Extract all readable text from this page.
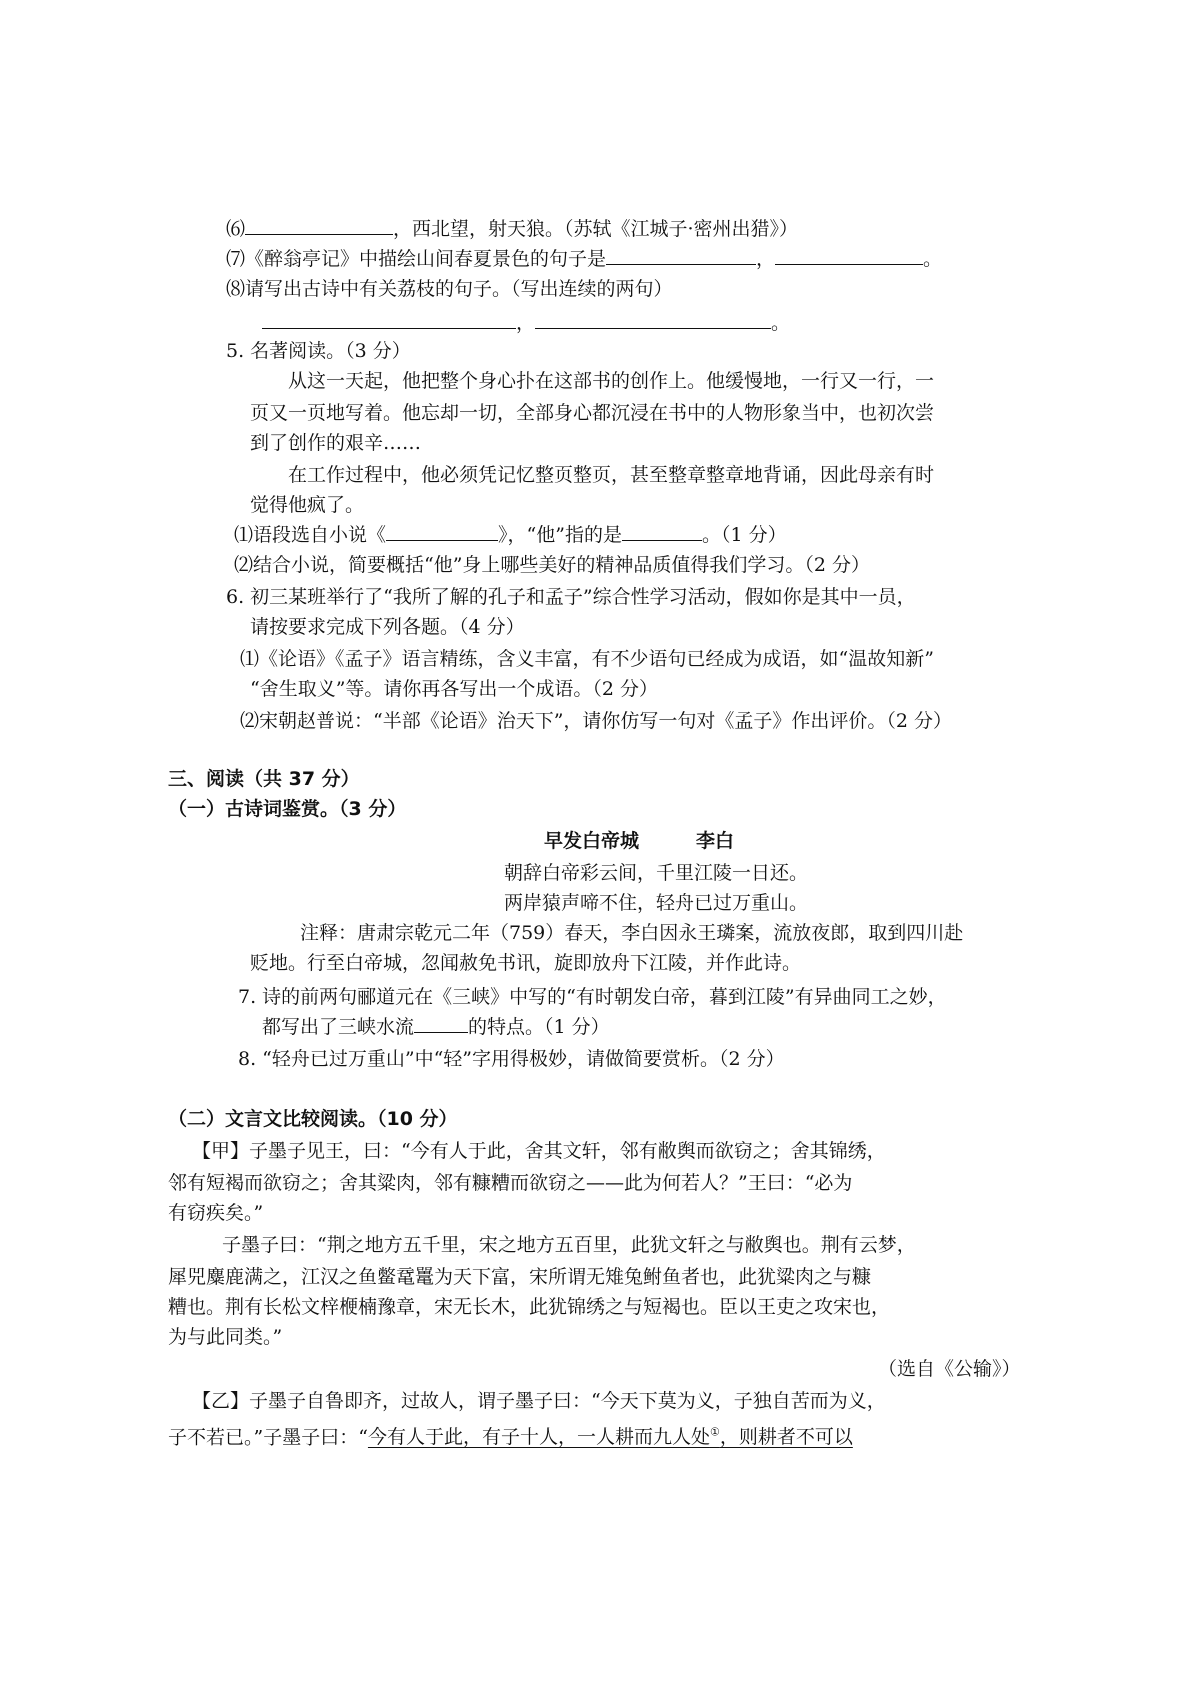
⑹	，西北望，射天狼。（苏轼《江城子·密州出猎》）
⑺《醉翁亭记》中描绘山间春夏景色的句子是	，	。
⑻请写出古诗中有关荔枝的句子。（写出连续的两句）
，	。
5. 名著阅读。（3 分）
从这一天起，他把整个身心扑在这部书的创作上。他缓慢地，一行又一行，一
页又一页地写着。他忘却一切，全部身心都沉浸在书中的人物形象当中，也初次尝
到了创作的艰辛……
在工作过程中，他必须凭记忆整页整页，甚至整章整章地背诵，因此母亲有时
觉得他疯了。
⑴语段选自小说《	》，“他”指的是	。（1 分）
⑵结合小说，简要概括“他”身上哪些美好的精神品质值得我们学习。（2 分）
6. 初三某班举行了“我所了解的孔子和孟子”综合性学习活动，假如你是其中一员，
请按要求完成下列各题。（4 分）
⑴《论语》《孟子》语言精练，含义丰富，有不少语句已经成为成语，如“温故知新”
“舍生取义”等。请你再各写出一个成语。（2 分）
⑵宋朝赵普说：“半部《论语》治天下”，请你仿写一句对《孟子》作出评价。（2 分）
三、阅读（共 37 分）
（一）古诗词鉴赏。（3 分）
早发白帝城	李白
朝辞白帝彩云间，千里江陵一日还。
两岸猿声啼不住，轻舟已过万重山。
注释：唐肃宗乾元二年（759）春天，李白因永王璘案，流放夜郎，取到四川赴
贬地。行至白帝城，忽闻赦免书讯，旋即放舟下江陵，并作此诗。
7. 诗的前两句郦道元在《三峡》中写的“有时朝发白帝，暮到江陵”有异曲同工之妙，
都写出了三峡水流	的特点。（1 分）
8. “轻舟已过万重山”中“轻”字用得极妙，请做简要赏析。（2 分）
（二）文言文比较阅读。（10 分）
【甲】子墨子见王，曰：“今有人于此，舍其文轩，邻有敝舆而欲窃之；舍其锦绣，
邻有短褐而欲窃之；舍其粱肉，邻有糠糟而欲窃之——此为何若人？”王曰：“必为
有窃疾矣。”
子墨子曰：“荆之地方五千里，宋之地方五百里，此犹文轩之与敝舆也。荆有云梦，
犀兕麋鹿满之，江汉之鱼鳖鼋鼍为天下富，宋所谓无雉兔鲋鱼者也，此犹粱肉之与糠
糟也。荆有长松文梓楩楠豫章，宋无长木，此犹锦绣之与短褐也。臣以王吏之攻宋也，
为与此同类。”
（选自《公输》）
【乙】子墨子自鲁即齐，过故人，谓子墨子曰：“今天下莫为义，子独自苦而为义，
子不若已。”子墨子曰：“今有人于此，有子十人，一人耕而九人处①，则耕者不可以
